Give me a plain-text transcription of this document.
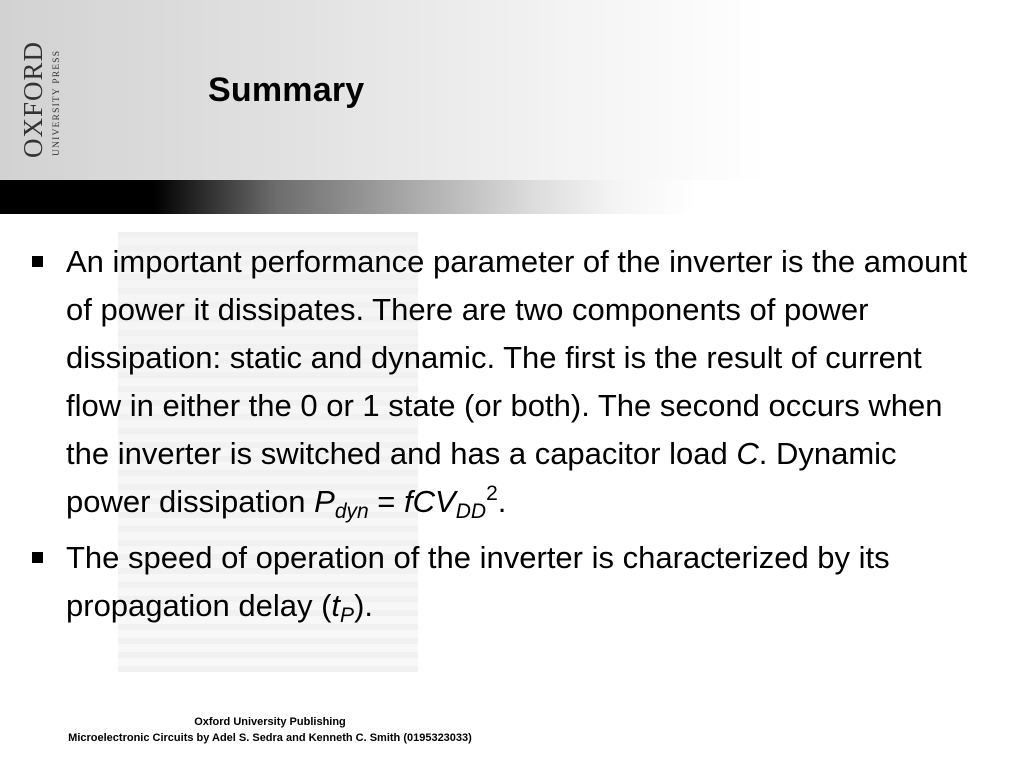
OXFORD UNIVERSITY PRESS	Summary
An important performance parameter of the inverter is the amount of power it dissipates. There are two components of power dissipation: static and dynamic. The first is the result of current flow in either the 0 or 1 state (or both). The second occurs when the inverter is switched and has a capacitor load C. Dynamic power dissipation $P_{dyn} = fCV_{DD}^2$.
The speed of operation of the inverter is characterized by its propagation delay $(t_P)$.
Oxford University Publishing
Microelectronic Circuits by Adel S. Sedra and Kenneth C. Smith (0195323033)
